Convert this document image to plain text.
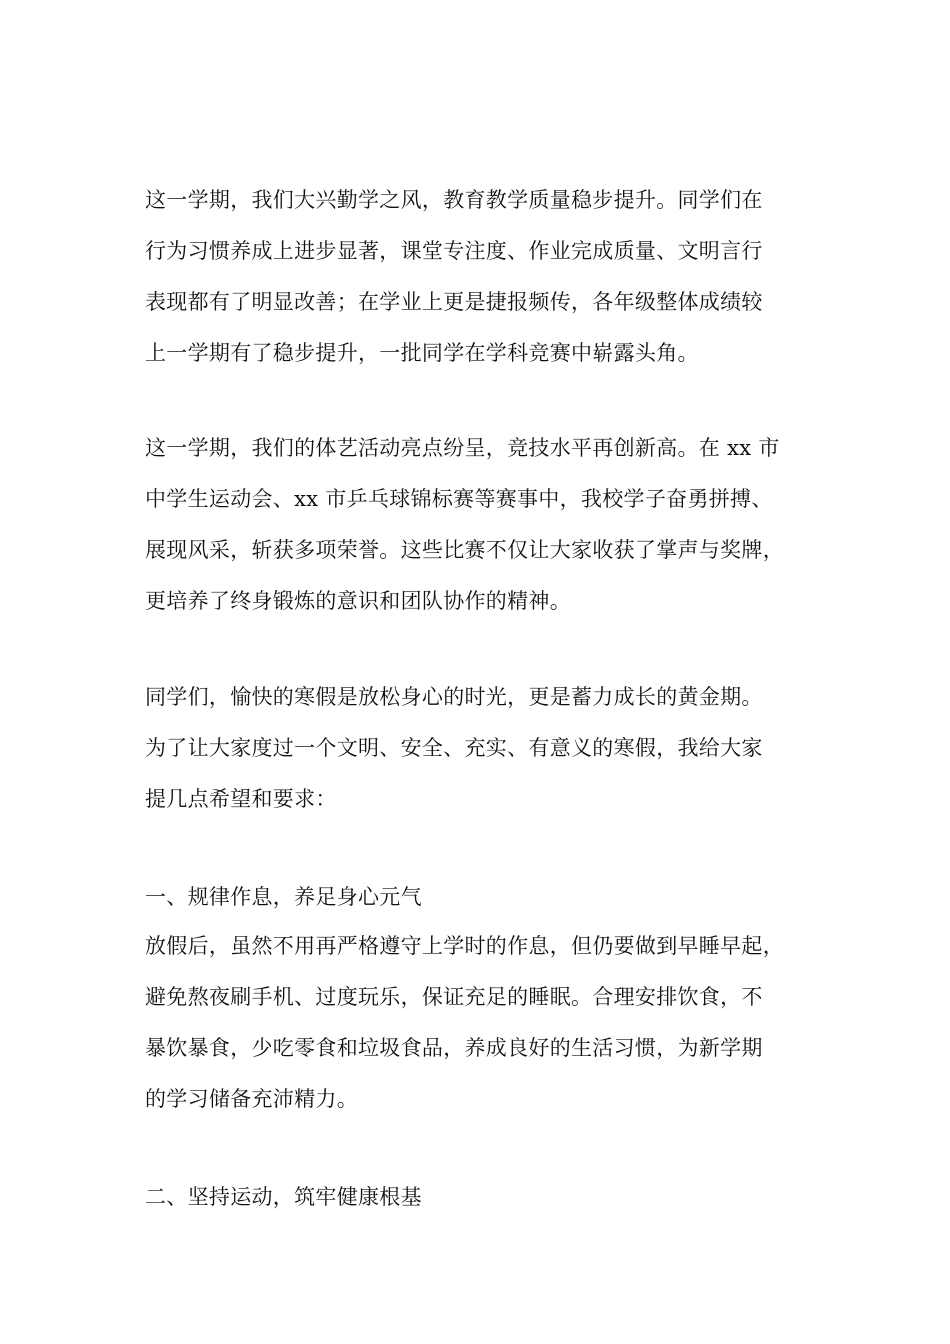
这一学期，我们大兴勤学之风，教育教学质量稳步提升。同学们在
行为习惯养成上进步显著，课堂专注度、作业完成质量、文明言行
表现都有了明显改善；在学业上更是捷报频传，各年级整体成绩较
上一学期有了稳步提升，一批同学在学科竞赛中崭露头角。
这一学期，我们的体艺活动亮点纷呈，竞技水平再创新高。在 xx 市
中学生运动会、xx 市乒乓球锦标赛等赛事中，我校学子奋勇拼搏、
展现风采，斩获多项荣誉。这些比赛不仅让大家收获了掌声与奖牌，
更培养了终身锻炼的意识和团队协作的精神。
同学们，愉快的寒假是放松身心的时光，更是蓄力成长的黄金期。
为了让大家度过一个文明、安全、充实、有意义的寒假，我给大家
提几点希望和要求：
一、规律作息，养足身心元气
放假后，虽然不用再严格遵守上学时的作息，但仍要做到早睡早起，
避免熬夜刷手机、过度玩乐，保证充足的睡眠。合理安排饮食，不
暴饮暴食，少吃零食和垃圾食品，养成良好的生活习惯，为新学期
的学习储备充沛精力。
二、坚持运动，筑牢健康根基
